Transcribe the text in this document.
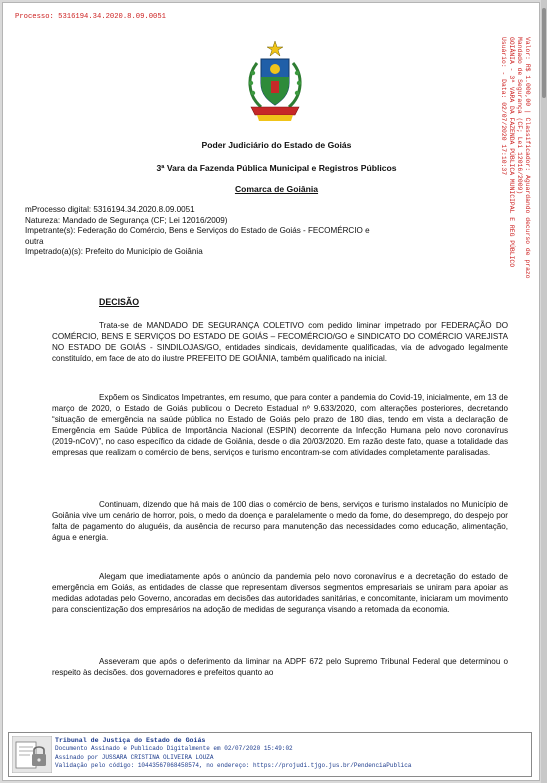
Processo: 5316194.34.2020.8.09.0051
Valor: R$ 1.000,00 | Classificador: Aguardando decurso de prazo
Mandado de Segurança (CF; Lei 12016/2009)
GOIÂNIA - 3ª VARA DA FAZENDA PÚBLICA MUNICIPAL E REG PÚBLICO
Usuário: - Data: 02/07/2020 17:10:37
Poder Judiciário do Estado de Goiás
3ª Vara da Fazenda Pública Municipal e Registros Públicos
Comarca de Goiânia
mProcesso digital: 5316194.34.2020.8.09.0051
Natureza: Mandado de Segurança (CF; Lei 12016/2009)
Impetrante(s): Federação do Comércio, Bens e Serviços do Estado de Goiás - FECOMÉRCIO e
outra
Impetrado(a)(s): Prefeito do Município de Goiânia
DECISÃO
Trata-se de MANDADO DE SEGURANÇA COLETIVO com pedido liminar impetrado por FEDERAÇÃO DO COMÉRCIO, BENS E SERVIÇOS DO ESTADO DE GOIÁS – FECOMÉRCIO/GO e SINDICATO DO COMÉRCIO VAREJISTA NO ESTADO DE GOIÁS - SINDILOJAS/GO, entidades sindicais, devidamente qualificadas, via de advogado legalmente constituído, em face de ato do ilustre PREFEITO DE GOIÂNIA, também qualificado na inicial.
Expõem os Sindicatos Impetrantes, em resumo, que para conter a pandemia do Covid-19, inicialmente, em 13 de março de 2020, o Estado de Goiás publicou o Decreto Estadual nº 9.633/2020, com alterações posteriores, decretando “situação de emergência na saúde pública no Estado de Goiás pelo prazo de 180 dias, tendo em vista a declaração de Emergência em Saúde Pública de Importância Nacional (ESPIN) decorrente da Infecção Humana pelo novo coronavírus (2019-nCoV)”, no caso específico da cidade de Goiânia, desde o dia 20/03/2020. Em razão deste fato, quase a totalidade das empresas que realizam o comércio de bens, serviços e turismo encontram-se com atividades completamente paralisadas.
Continuam, dizendo que há mais de 100 dias o comércio de bens, serviços e turismo instalados no Município de Goiânia vive um cenário de horror, pois, o medo da doença e paralelamente o medo da fome, do desemprego, do despejo por falta de pagamento do aluguéis, da ausência de recurso para manutenção das necessidades como educação, alimentação, água e energia.
Alegam que imediatamente após o anúncio da pandemia pelo novo coronavírus e a decretação do estado de emergência em Goiás, as entidades de classe que representam diversos segmentos empresariais se uniram para apoiar as medidas adotadas pelo Governo, ancoradas em decisões das autoridades sanitárias, e concomitante, iniciaram um movimento para conscientização dos empresários na adoção de medidas de segurança visando a retomada da economia.
Asseveram que após o deferimento da liminar na ADPF 672 pelo Supremo Tribunal Federal que determinou o respeito às decisões. dos governadores e prefeitos quanto ao
Tribunal de Justiça do Estado de Goiás
Documento Assinado e Publicado Digitalmente em 02/07/2020 15:49:02
Assinado por JUSSARA CRISTINA OLIVEIRA LOUZA
Validação pelo código: 10443567068458574, no endereço: https://projudi.tjgo.jus.br/PendenciaPublica
